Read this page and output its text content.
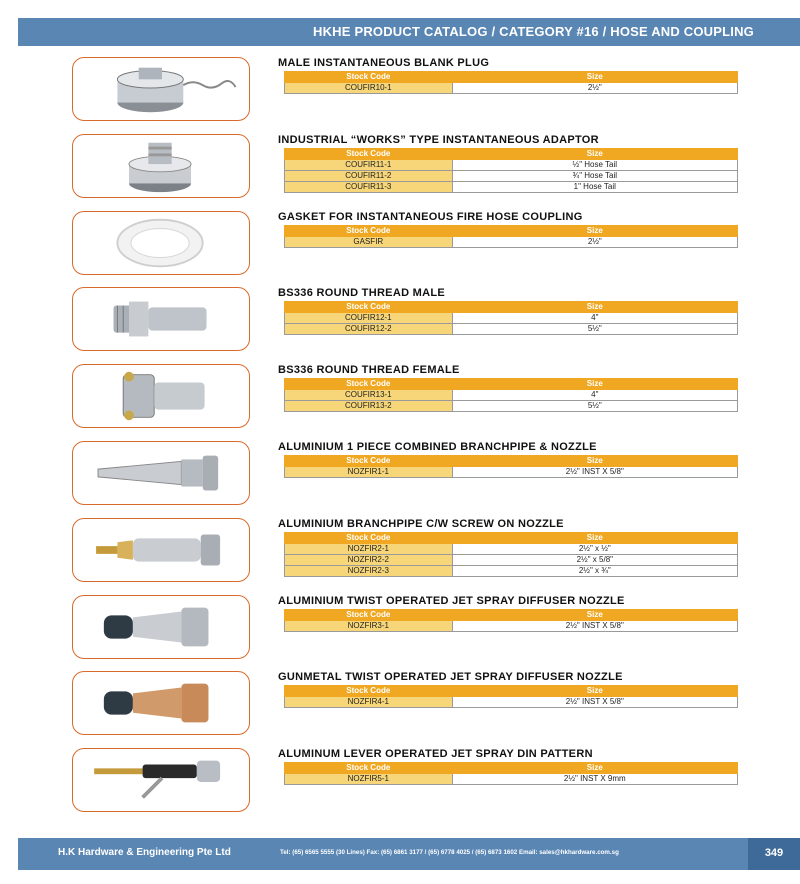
HKHE PRODUCT CATALOG / CATEGORY #16 / HOSE AND COUPLING
MALE INSTANTANEOUS BLANK PLUG
Stock Code	Size
COUFIR10-1	2½"
INDUSTRIAL “WORKS” TYPE INSTANTANEOUS ADAPTOR
Stock Code	Size
COUFIR11-1	½" Hose Tail
COUFIR11-2	¾" Hose Tail
COUFIR11-3	1" Hose Tail
GASKET FOR INSTANTANEOUS FIRE HOSE COUPLING
Stock Code	Size
GASFIR	2½"
BS336 ROUND THREAD MALE
Stock Code	Size
COUFIR12-1	4"
COUFIR12-2	5½"
BS336 ROUND THREAD FEMALE
Stock Code	Size
COUFIR13-1	4"
COUFIR13-2	5½"
ALUMINIUM 1 PIECE COMBINED BRANCHPIPE & NOZZLE
Stock Code	Size
NOZFIR1-1	2½" INST X 5/8"
ALUMINIUM BRANCHPIPE C/W SCREW ON NOZZLE
Stock Code	Size
NOZFIR2-1	2½" x ½"
NOZFIR2-2	2½" x 5/8"
NOZFIR2-3	2½" x ¾"
ALUMINIUM TWIST OPERATED JET SPRAY DIFFUSER NOZZLE
Stock Code	Size
NOZFIR3-1	2½" INST X 5/8"
GUNMETAL TWIST OPERATED JET SPRAY DIFFUSER NOZZLE
Stock Code	Size
NOZFIR4-1	2½" INST X 5/8"
ALUMINUM LEVER OPERATED JET SPRAY DIN PATTERN
Stock Code	Size
NOZFIR5-1	2½" INST X 9mm
H.K Hardware & Engineering Pte Ltd	Tel: (65) 6565 5555 (30 Lines) Fax: (65) 6861 3177 / (65) 6778 4025 / (65) 6873 1602 Email: sales@hkhardware.com.sg	349
